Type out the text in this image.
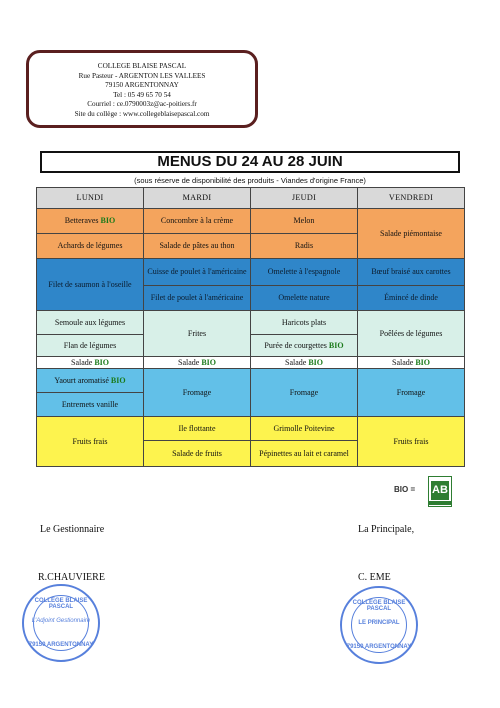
COLLEGE BLAISE PASCAL
Rue Pasteur - ARGENTON LES VALLEES
79150 ARGENTONNAY
Tel : 05 49 65 70 54
Courriel : ce.0790003z@ac-poitiers.fr
Site du collège : www.collegeblaisepascal.com
MENUS DU 24 AU 28 JUIN
(sous réserve de disponibilité des produits - Viandes d'origine France)
LUNDI	MARDI	JEUDI	VENDREDI
Betteraves BIO	Concombre à la crème	Melon	Salade piémontaise
Achards de légumes	Salade de pâtes au thon	Radis	
Filet de saumon à l'oseille	Cuisse de poulet à l'américaine	Omelette à l'espagnole	Bœuf braisé aux carottes
	Filet de poulet à l'américaine	Omelette nature	Émincé de dinde
Semoule aux légumes	Frites	Haricots plats	Poêlées de légumes
Flan de légumes		Purée de courgettes BIO	
Salade BIO	Salade BIO	Salade BIO	Salade BIO
Yaourt aromatisé BIO	Fromage	Fromage	Fromage
Entremets vanille			
Fruits frais	Ile flottante	Grimolle Poitevine	Fruits frais
	Salade de fruits	Pépinettes au lait et caramel	
BIO = AB
Le Gestionnaire	La Principale,
R.CHAUVIERE	C. EME
COLLEGE BLAISE PASCAL
L'Adjoint Gestionnaire
79150 ARGENTONNAY
COLLEGE BLAISE PASCAL
LE PRINCIPAL
79150 ARGENTONNAY
